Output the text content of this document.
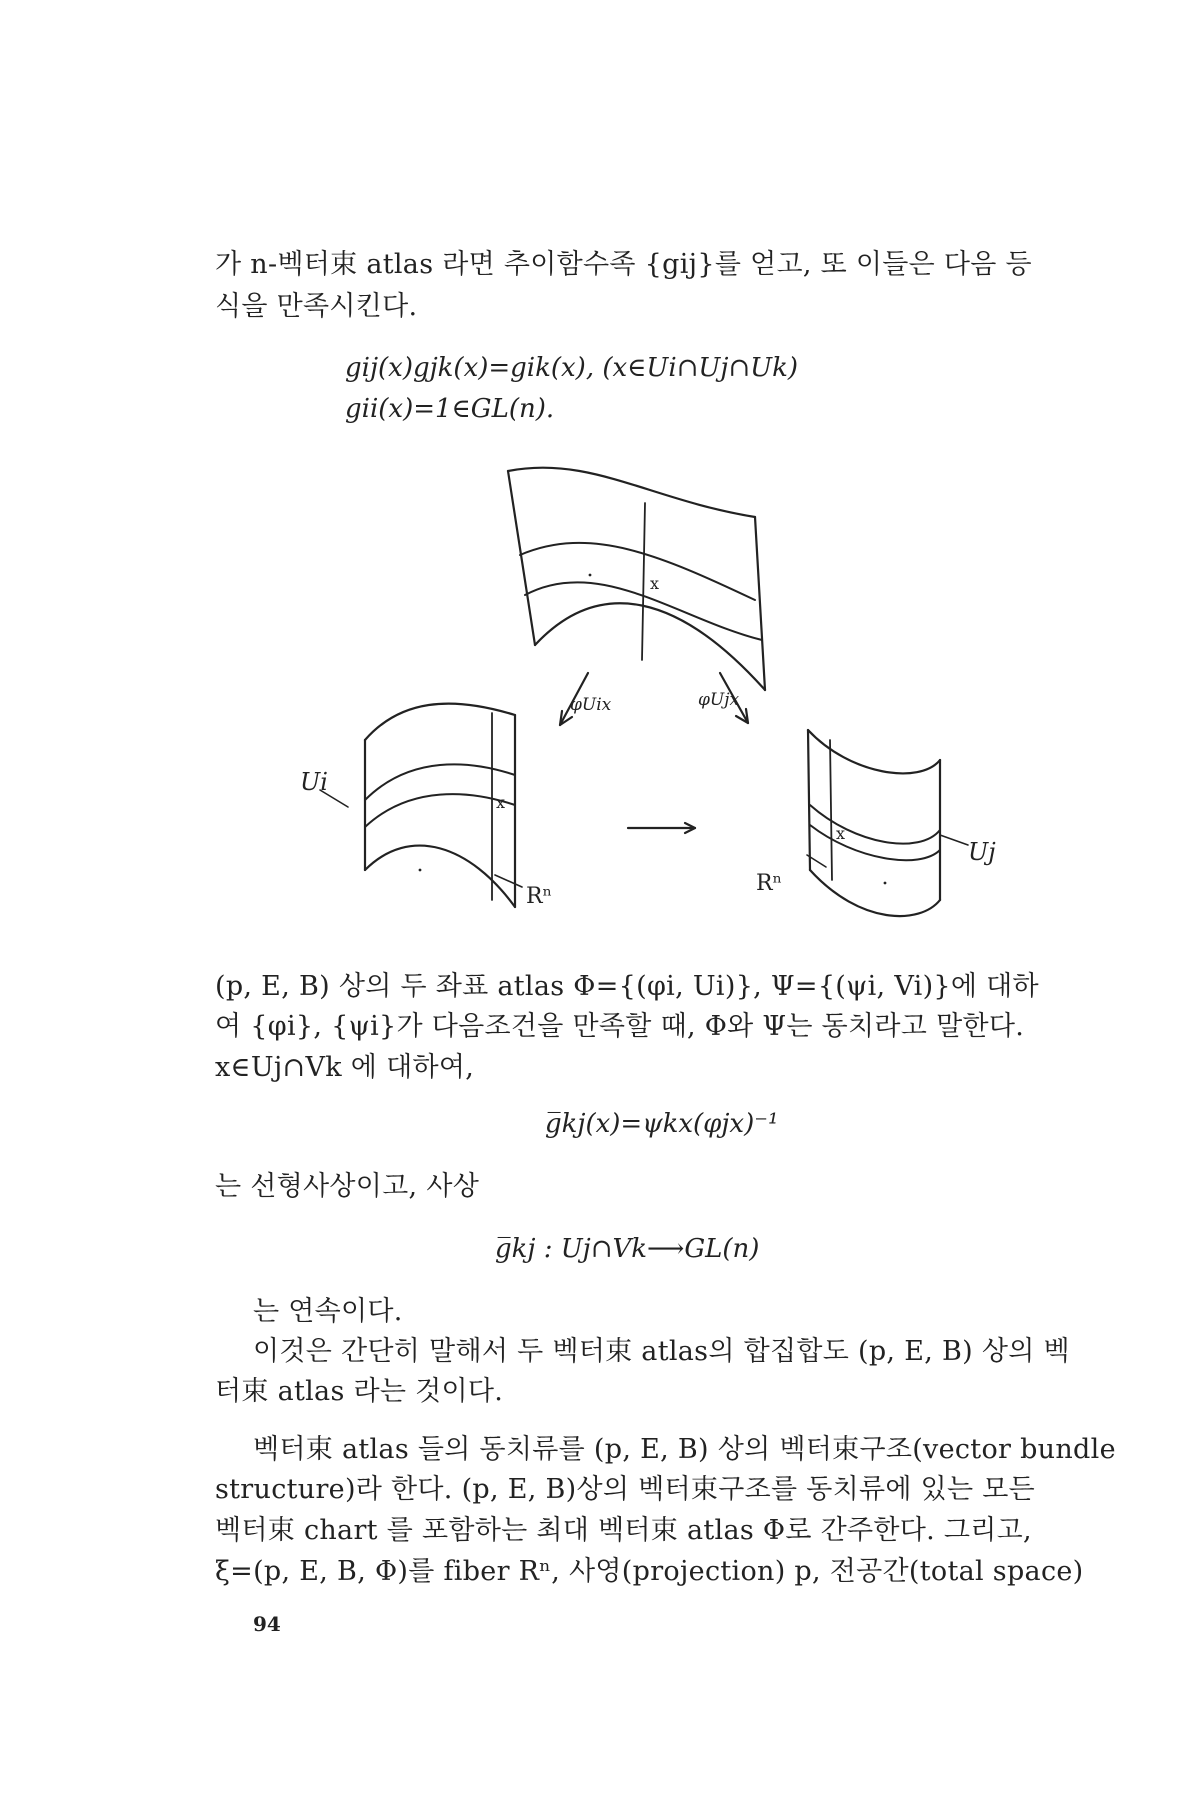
가 n-벡터束 atlas 라면 추이함수족 {gij}를 얻고, 또 이들은 다음 등
식을 만족시킨다.
gij(x)gjk(x)=gik(x), (x∈Ui∩Uj∩Uk)
gii(x)=1∈GL(n).
x
x
x
φUix	φUjx
Ui
Uj
Rⁿ
Rⁿ
(p, E, B) 상의 두 좌표 atlas Φ={(φi, Ui)}, Ψ={(ψi, Vi)}에 대하
여 {φi}, {ψi}가 다음조건을 만족할 때, Φ와 Ψ는 동치라고 말한다.
x∈Uj∩Vk 에 대하여,
g̅kj(x)=ψkx(φjx)⁻¹
는 선형사상이고, 사상
g̅kj : Uj∩Vk⟶GL(n)
는 연속이다.
이것은 간단히 말해서 두 벡터束 atlas의 합집합도 (p, E, B) 상의 벡
터束 atlas 라는 것이다.
벡터束 atlas 들의 동치류를 (p, E, B) 상의 벡터束구조(vector bundle
structure)라 한다. (p, E, B)상의 벡터束구조를 동치류에 있는 모든
벡터束 chart 를 포함하는 최대 벡터束 atlas Φ로 간주한다. 그리고,
ξ=(p, E, B, Φ)를 fiber Rⁿ, 사영(projection) p, 전공간(total space)
94
